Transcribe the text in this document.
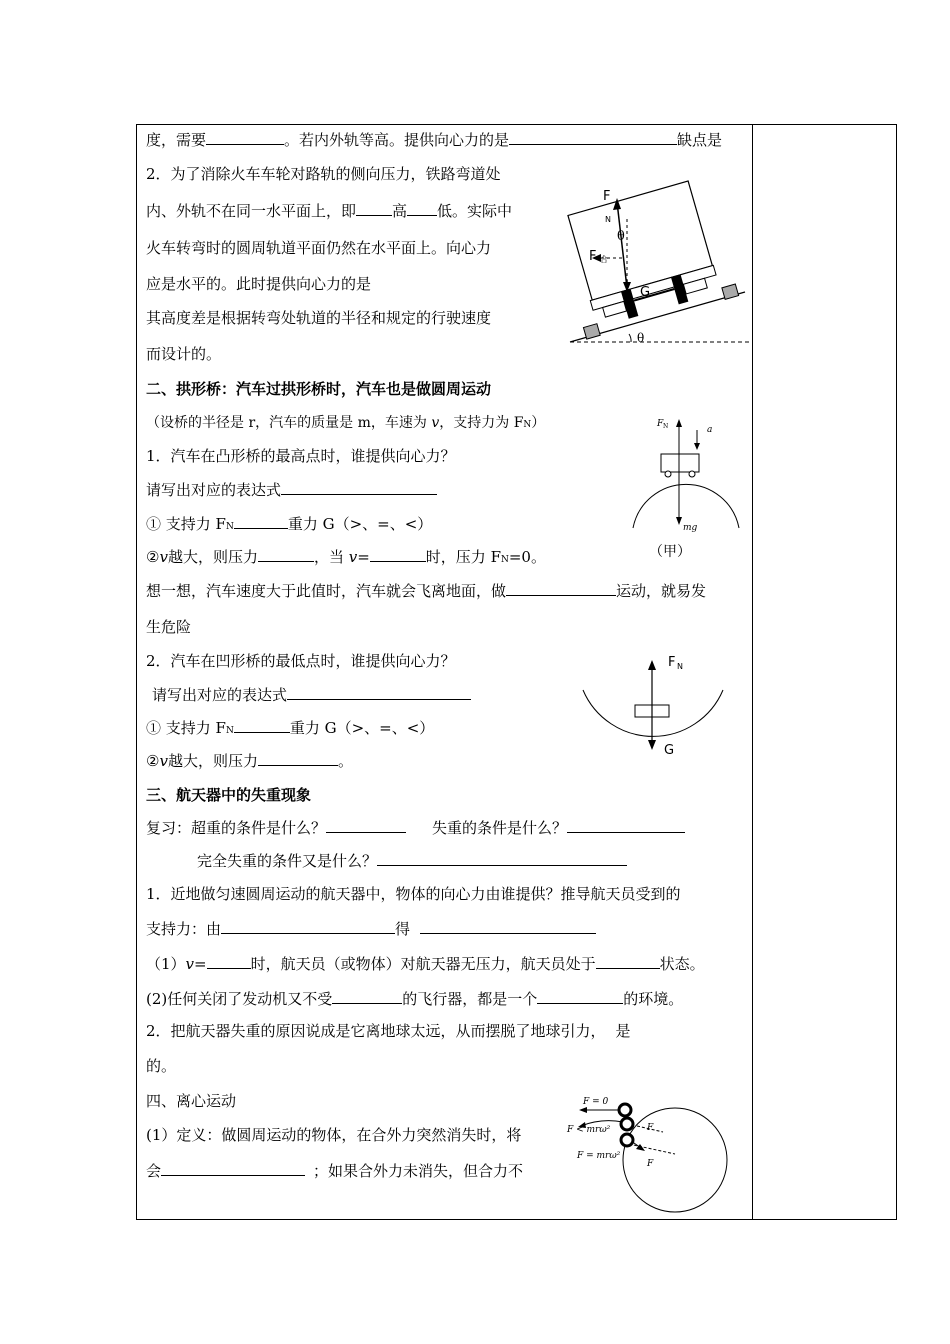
度，需要	。若内外轨等高。提供向心力的是	缺点是
2．为了消除火车车轮对路轨的侧向压力，铁路弯道处
内、外轨不在同一水平面上，即 高 低。实际中
火车转弯时的圆周轨道平面仍然在水平面上。向心力
应是水平的。此时提供向心力的是
其高度差是根据转弯处轨道的半径和规定的行驶速度
而设计的。
F
N
θ
F 合
G
θ
二、拱形桥：汽车过拱形桥时，汽车也是做圆周运动
（设桥的半径是 r，汽车的质量是 m，车速为 v，支持力为 FN）
1．汽车在凸形桥的最高点时，谁提供向心力？
请写出对应的表达式
① 支持力 FN	重力 G（>、=、<）
②v越大，则压力	，当 v=	时，压力 FN=0。
F N	a
mg
（甲）
想一想，汽车速度大于此值时，汽车就会飞离地面，做	运动，就易发
生危险
2．汽车在凹形桥的最低点时，谁提供向心力？
请写出对应的表达式
① 支持力 FN	重力 G（>、=、<）
②v越大，则压力	。
F N
G
三、航天器中的失重现象
复习：超重的条件是什么？	失重的条件是什么？
完全失重的条件又是什么？
1．近地做匀速圆周运动的航天器中，物体的向心力由谁提供？推导航天员受到的
支持力：由	得
（1）v=	时，航天员（或物体）对航天器无压力，航天员处于	状态。
(2)任何关闭了发动机又不受	的飞行器，都是一个	的环境。
2．把航天器失重的原因说成是它离地球太远，从而摆脱了地球引力， 是
的。
四、离心运动
(1）定义：做圆周运动的物体，在合外力突然消失时，将
会	；如果合外力未消失，但合力不
F = 0
F < mrω²
F = mrω²
F
F
